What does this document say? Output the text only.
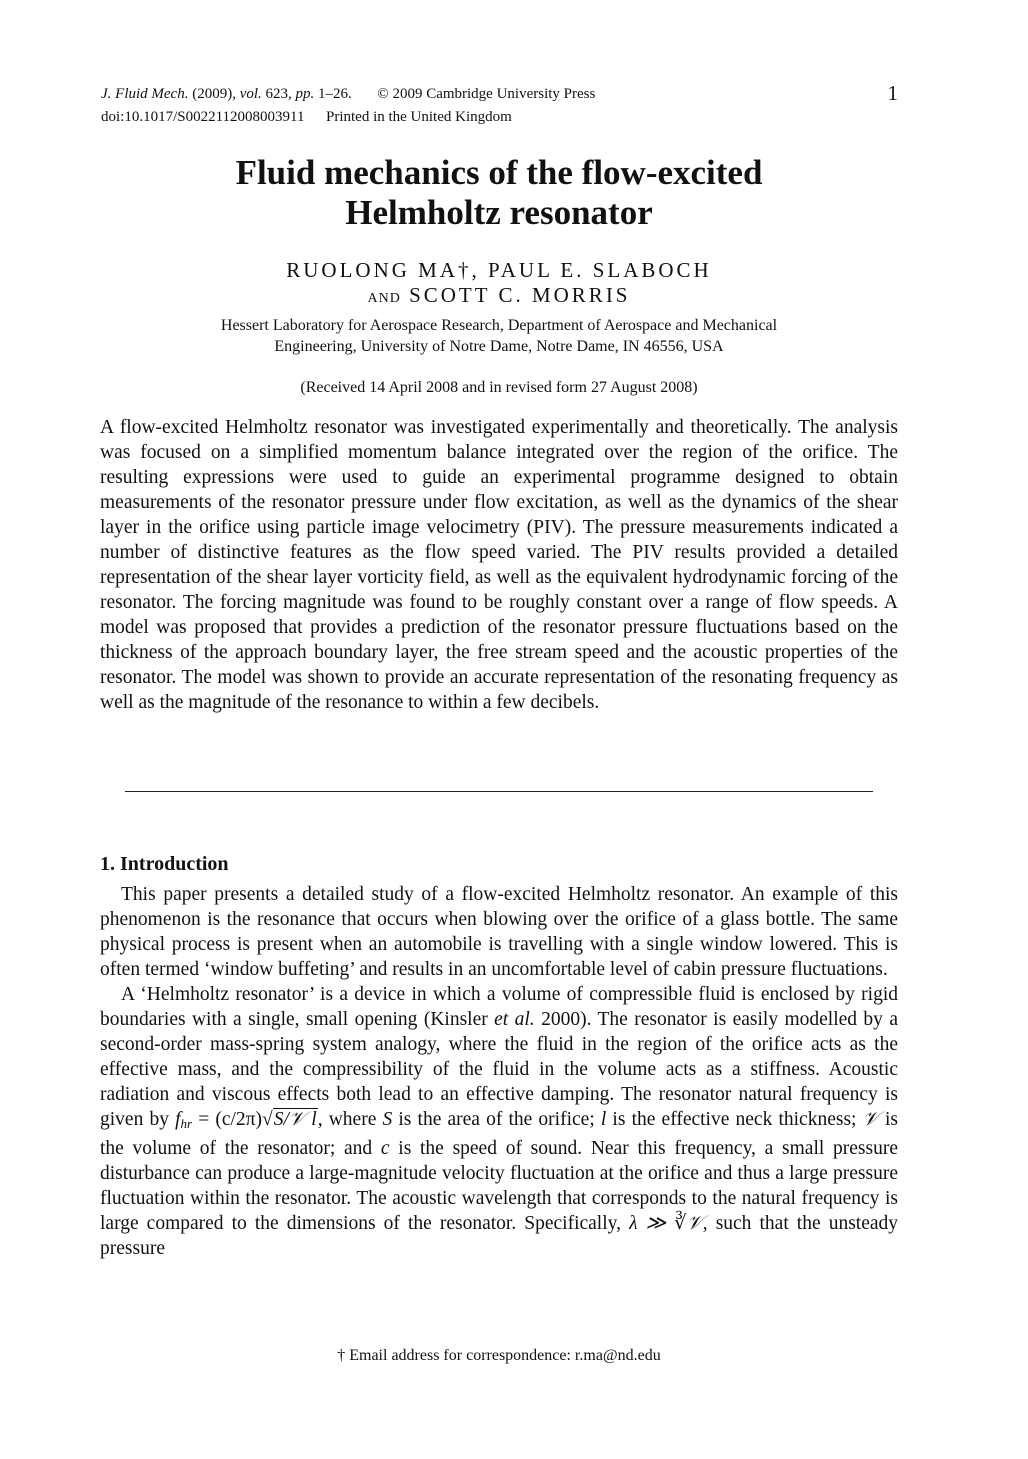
J. Fluid Mech. (2009), vol. 623, pp. 1–26. © 2009 Cambridge University Press
doi:10.1017/S0022112008003911 Printed in the United Kingdom
1
Fluid mechanics of the flow-excited
Helmholtz resonator
RUOLONG MA†, PAUL E. SLABOCH
AND SCOTT C. MORRIS
Hessert Laboratory for Aerospace Research, Department of Aerospace and Mechanical
Engineering, University of Notre Dame, Notre Dame, IN 46556, USA
(Received 14 April 2008 and in revised form 27 August 2008)
A flow-excited Helmholtz resonator was investigated experimentally and theoretically. The analysis was focused on a simplified momentum balance integrated over the region of the orifice. The resulting expressions were used to guide an experimental programme designed to obtain measurements of the resonator pressure under flow excitation, as well as the dynamics of the shear layer in the orifice using particle image velocimetry (PIV). The pressure measurements indicated a number of distinctive features as the flow speed varied. The PIV results provided a detailed representation of the shear layer vorticity field, as well as the equivalent hydrodynamic forcing of the resonator. The forcing magnitude was found to be roughly constant over a range of flow speeds. A model was proposed that provides a prediction of the resonator pressure fluctuations based on the thickness of the approach boundary layer, the free stream speed and the acoustic properties of the resonator. The model was shown to provide an accurate representation of the resonating frequency as well as the magnitude of the resonance to within a few decibels.
1. Introduction

This paper presents a detailed study of a flow-excited Helmholtz resonator. An example of this phenomenon is the resonance that occurs when blowing over the orifice of a glass bottle. The same physical process is present when an automobile is travelling with a single window lowered. This is often termed ‘window buffeting’ and results in an uncomfortable level of cabin pressure fluctuations.

A ‘Helmholtz resonator’ is a device in which a volume of compressible fluid is enclosed by rigid boundaries with a single, small opening (Kinsler et al. 2000). The resonator is easily modelled by a second-order mass-spring system analogy, where the fluid in the region of the orifice acts as the effective mass, and the compressibility of the fluid in the volume acts as a stiffness. Acoustic radiation and viscous effects both lead to an effective damping. The resonator natural frequency is given by $f_{hr}$ = (c/2π)√S/𝒱 l, where S is the area of the orifice; l is the effective neck thickness; 𝒱 is the volume of the resonator; and c is the speed of sound. Near this frequency, a small pressure disturbance can produce a large-magnitude velocity fluctuation at the orifice and thus a large pressure fluctuation within the resonator. The acoustic wavelength that corresponds to the natural frequency is large compared to the dimensions of the resonator. Specifically, λ ≫ ∛𝒱, such that the unsteady pressure

† Email address for correspondence: r.ma@nd.edu
